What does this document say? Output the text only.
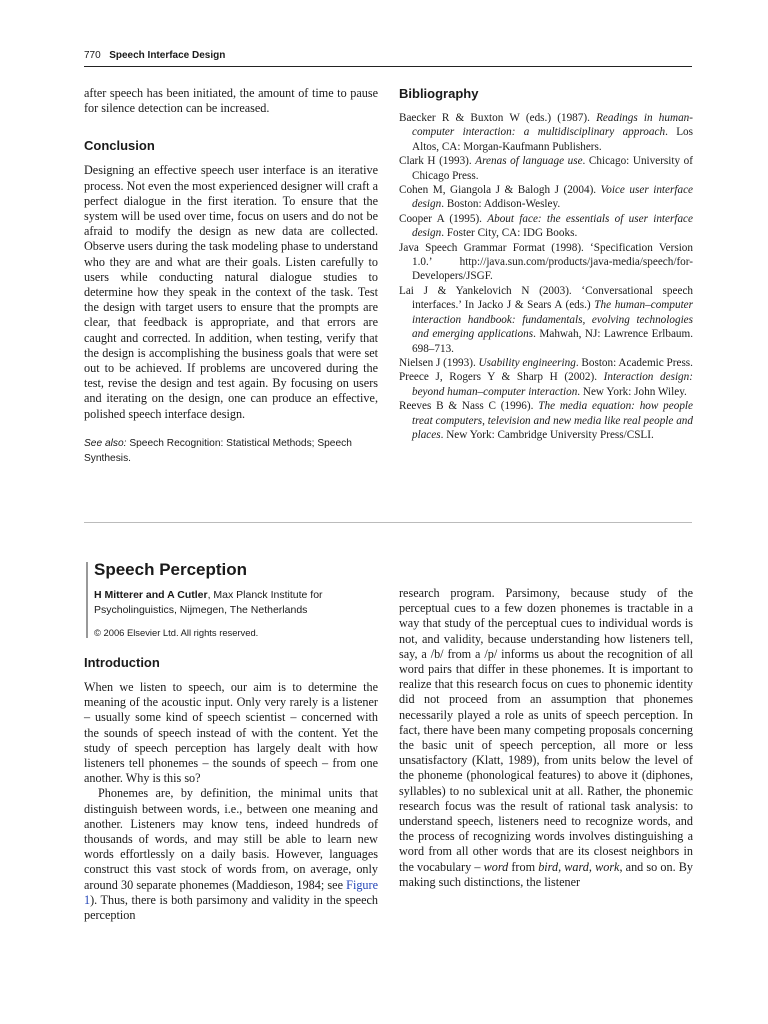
770 Speech Interface Design

after speech has been initiated, the amount of time to pause for silence detection can be increased.

Conclusion

Designing an effective speech user interface is an iterative process. Not even the most experienced designer will craft a perfect dialogue in the first iteration. To ensure that the system will be used over time, focus on users and do not be afraid to modify the design as new data are collected. Observe users during the task modeling phase to understand who they are and what are their goals. Listen carefully to users while conducting natural dialogue studies to determine how they speak in the context of the task. Test the design with target users to ensure that the prompts are clear, that feedback is appropriate, and that errors are caught and corrected. In addition, when testing, verify that the design is accomplishing the business goals that were set out to be achieved. If problems are uncovered during the test, revise the design and test again. By focusing on users and iterating on the design, one can produce an effective, polished speech interface design.

See also: Speech Recognition: Statistical Methods; Speech Synthesis.
Bibliography
Baecker R & Buxton W (eds.) (1987). Readings in human-computer interaction: a multidisciplinary approach. Los Altos, CA: Morgan-Kaufmann Publishers.
Clark H (1993). Arenas of language use. Chicago: University of Chicago Press.
Cohen M, Giangola J & Balogh J (2004). Voice user interface design. Boston: Addison-Wesley.
Cooper A (1995). About face: the essentials of user interface design. Foster City, CA: IDG Books.
Java Speech Grammar Format (1998). ‘Specification Version 1.0.’ http://java.sun.com/products/java-media/speech/for-Developers/JSGF.
Lai J & Yankelovich N (2003). ‘Conversational speech interfaces.’ In Jacko J & Sears A (eds.) The human–computer interaction handbook: fundamentals, evolving technologies and emerging applications. Mahwah, NJ: Lawrence Erlbaum. 698–713.
Nielsen J (1993). Usability engineering. Boston: Academic Press.
Preece J, Rogers Y & Sharp H (2002). Interaction design: beyond human–computer interaction. New York: John Wiley.
Reeves B & Nass C (1996). The media equation: how people treat computers, television and new media like real people and places. New York: Cambridge University Press/CSLI.
Speech Perception

H Mitterer and A Cutler, Max Planck Institute for Psycholinguistics, Nijmegen, The Netherlands

© 2006 Elsevier Ltd. All rights reserved.

Introduction

When we listen to speech, our aim is to determine the meaning of the acoustic input. Only very rarely is a listener – usually some kind of speech scientist – concerned with the sounds of speech instead of with the content. Yet the study of speech perception has largely dealt with how listeners tell phonemes – the sounds of speech – from one another. Why is this so?

Phonemes are, by definition, the minimal units that distinguish between words, i.e., between one meaning and another. Listeners may know tens, indeed hundreds of thousands of words, and may still be able to learn new words effortlessly on a daily basis. However, languages construct this vast stock of words from, on average, only around 30 separate phonemes (Maddieson, 1984; see Figure 1). Thus, there is both parsimony and validity in the speech perception

research program. Parsimony, because study of the perceptual cues to a few dozen phonemes is tractable in a way that study of the perceptual cues to individual words is not, and validity, because understanding how listeners tell, say, a /b/ from a /p/ informs us about the recognition of all word pairs that differ in these phonemes. It is important to realize that this research focus on cues to phonemic identity did not proceed from an assumption that phonemes necessarily played a role as units of speech perception. In fact, there have been many competing proposals concerning the basic unit of speech perception, all more or less unsatisfactory (Klatt, 1989), from units below the level of the phoneme (phonological features) to above it (diphones, syllables) to no sublexical unit at all. Rather, the phonemic research focus was the result of rational task analysis: to understand speech, listeners need to recognize words, and the process of recognizing words involves distinguishing a word from all other words that are its closest neighbors in the vocabulary – word from bird, ward, work, and so on. By making such distinctions, the listener
